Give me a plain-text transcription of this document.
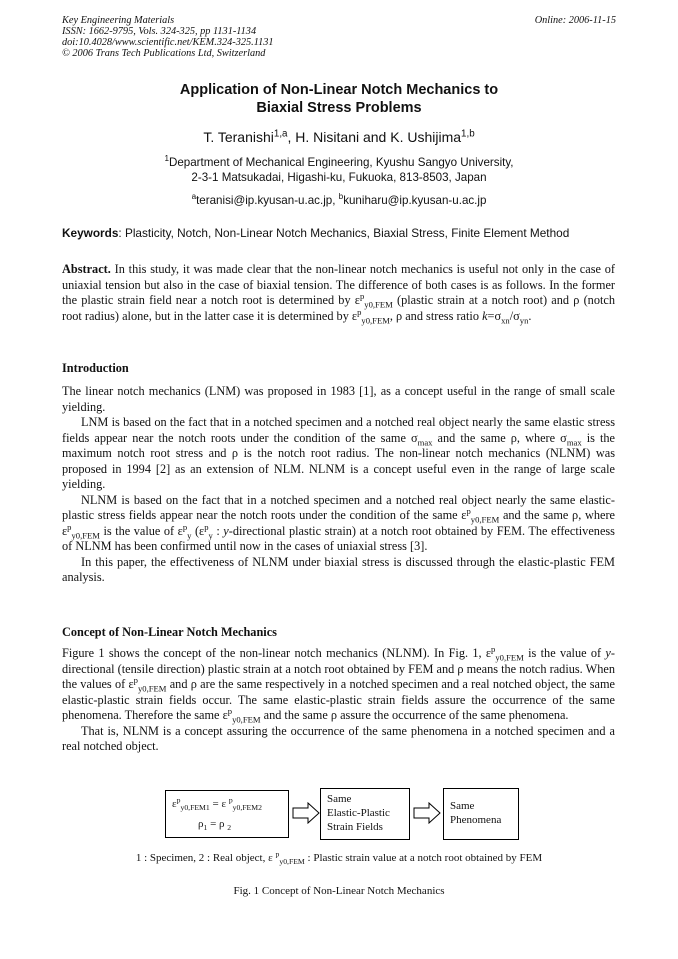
Key Engineering Materials
ISSN: 1662-9795, Vols. 324-325, pp 1131-1134
doi:10.4028/www.scientific.net/KEM.324-325.1131
© 2006 Trans Tech Publications Ltd, Switzerland
Online: 2006-11-15
Application of Non-Linear Notch Mechanics to
Biaxial Stress Problems
T. Teranishi$^{1,a}$, H. Nisitani and K. Ushijima$^{1,b}$
$^1$Department of Mechanical Engineering, Kyushu Sangyo University,
2-3-1 Matsukadai, Higashi-ku, Fukuoka, 813-8503, Japan
$^a$teranisi@ip.kyusan-u.ac.jp, $^b$kuniharu@ip.kyusan-u.ac.jp
Keywords: Plasticity, Notch, Non-Linear Notch Mechanics, Biaxial Stress, Finite Element Method

Abstract. In this study, it was made clear that the non-linear notch mechanics is useful not only in the case of uniaxial tension but also in the case of biaxial tension. The difference of both cases is as follows. In the former the plastic strain field near a notch root is determined by $\varepsilon^p_{y0,FEM}$ (plastic strain at a notch root) and ρ (notch root radius) alone, but in the latter case it is determined by $\varepsilon^p_{y0,FEM}$, ρ and stress ratio $k=\sigma_{xn}/\sigma_{yn}$.

Introduction

The linear notch mechanics (LNM) was proposed in 1983 [1], as a concept useful in the range of small scale yielding.

LNM is based on the fact that in a notched specimen and a notched real object nearly the same elastic stress fields appear near the notch roots under the condition of the same $\sigma_{max}$ and the same ρ, where $\sigma_{max}$ is the maximum notch root stress and ρ is the notch root radius. The non-linear notch mechanics (NLNM) was proposed in 1994 [2] as an extension of NLM. NLNM is a concept useful even in the range of large scale yielding.

NLNM is based on the fact that in a notched specimen and a notched real object nearly the same elastic-plastic stress fields appear near the notch roots under the condition of the same $\varepsilon^p_{y0,FEM}$ and the same ρ, where $\varepsilon^p_{y0,FEM}$ is the value of $\varepsilon^p_y$ ($\varepsilon^p_y$ : y-directional plastic strain) at a notch root obtained by FEM. The effectiveness of NLNM has been confirmed until now in the cases of uniaxial stress [3].

In this paper, the effectiveness of NLNM under biaxial stress is discussed through the elastic-plastic FEM analysis.

Concept of Non-Linear Notch Mechanics

Figure 1 shows the concept of the non-linear notch mechanics (NLNM). In Fig. 1, $\varepsilon^p_{y0,FEM}$ is the value of y-directional (tensile direction) plastic strain at a notch root obtained by FEM and ρ means the notch radius. When the values of $\varepsilon^p_{y0,FEM}$ and ρ are the same respectively in a notched specimen and a real notched object, the same elastic-plastic strain fields occur. The same elastic-plastic strain fields assure the occurrence of the same phenomena. Therefore the same $\varepsilon^p_{y0,FEM}$ and the same ρ assure the occurrence of the same phenomena.

That is, NLNM is a concept assuring the occurrence of the same phenomena in a notched specimen and a real notched object.

$\varepsilon^p_{y0,FEM1} = \varepsilon$ $^p_{y0,FEM2}$
$\rho_1 = \rho$ $_2$
Same
Elastic-Plastic
Strain Fields
Same
Phenomena
1 : Specimen, 2 : Real object, ε $^p_{y0,FEM}$ : Plastic strain value at a notch root obtained by FEM
Fig. 1 Concept of Non-Linear Notch Mechanics
